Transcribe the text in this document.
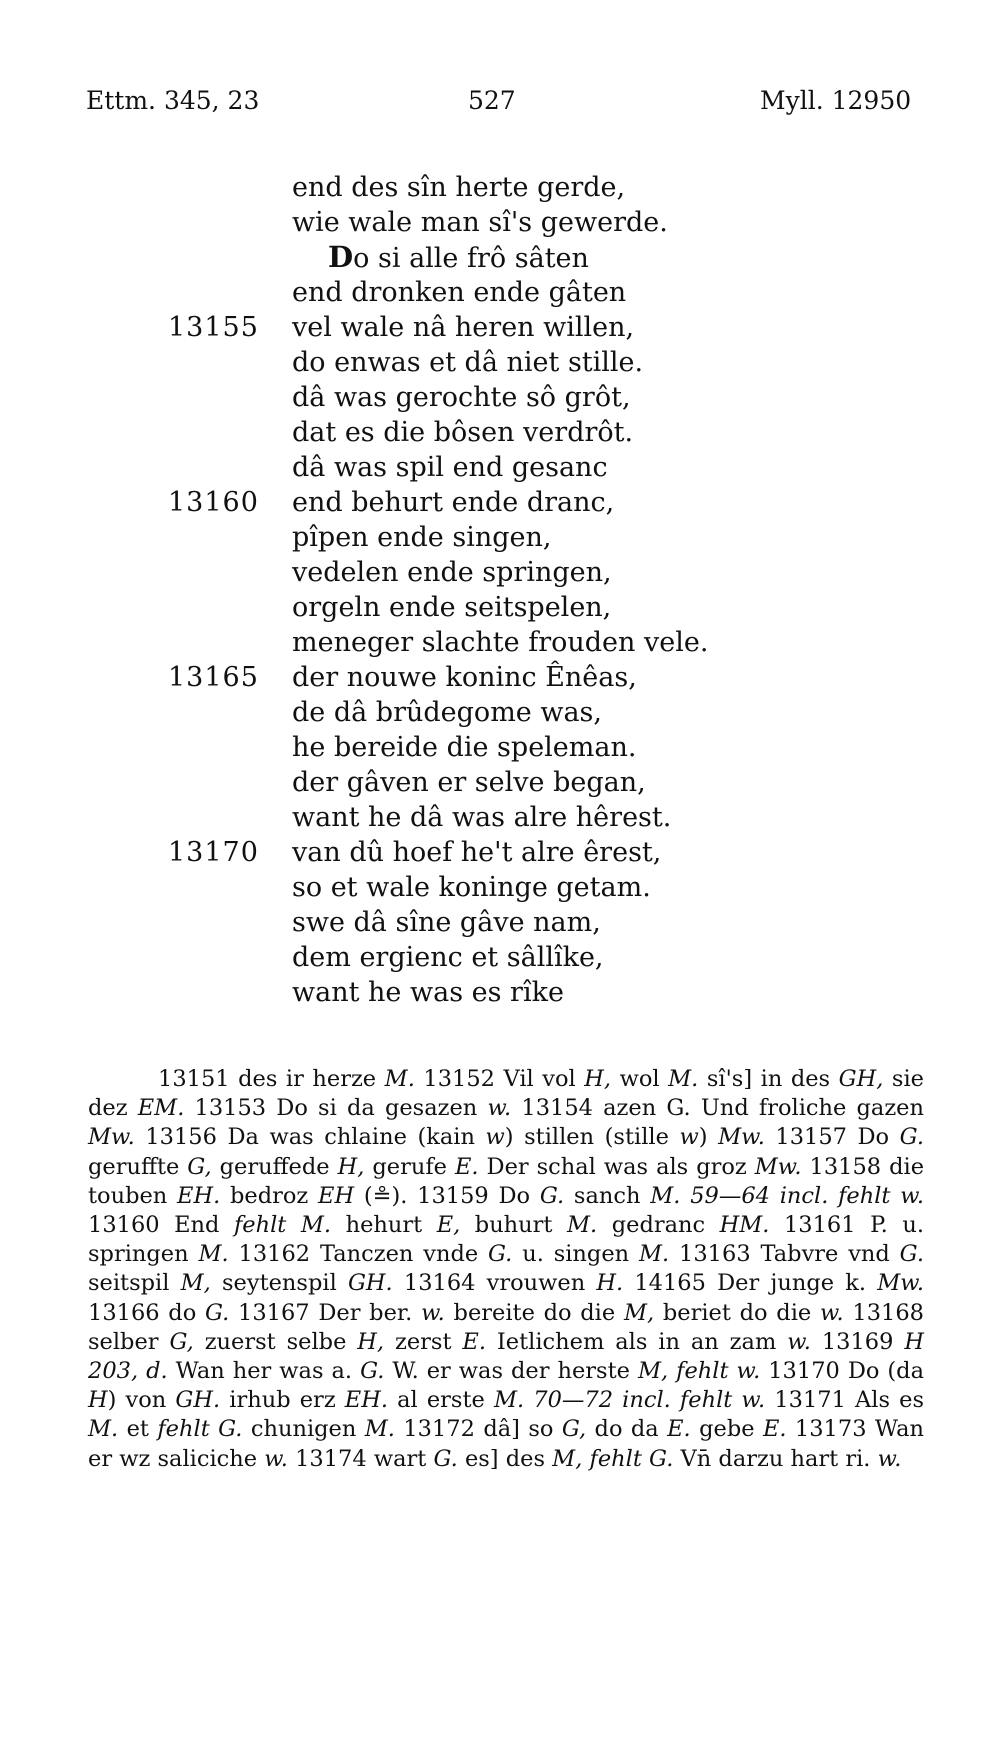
Ettm. 345, 23	527	Myll. 12950
end des sîn herte gerde,
wie wale man sî's gewerde.
Do si alle frô sâten
end dronken ende gâten
13155	vel wale nâ heren willen,
do enwas et dâ niet stille.
dâ was gerochte sô grôt,
dat es die bôsen verdrôt.
dâ was spil end gesanc
13160	end behurt ende dranc,
pîpen ende singen,
vedelen ende springen,
orgeln ende seitspelen,
meneger slachte frouden vele.
13165	der nouwe koninc Ênêas,
de dâ brûdegome was,
he bereide die speleman.
der gâven er selve began,
want he dâ was alre hêrest.
13170	van dû hoef he't alre êrest,
so et wale koninge getam.
swe dâ sîne gâve nam,
dem ergienc et sâllîke,
want he was es rîke

13151 des ir herze M. 13152 Vil vol H, wol M. sî's] in des GH, sie dez EM. 13153 Do si da gesazen w. 13154 azen G. Und froliche gazen Mw. 13156 Da was chlaine (kain w) stillen (stille w) Mw. 13157 Do G. geruffte G, geruffede H, gerufe E. Der schal was als groz Mw. 13158 die touben EH. bedroz EH (≗). 13159 Do G. sanch M. 59—64 incl. fehlt w. 13160 End fehlt M. hehurt E, buhurt M. gedranc HM. 13161 P. u. springen M. 13162 Tanczen vnde G. u. singen M. 13163 Tabvre vnd G. seitspil M, seytenspil GH. 13164 vrouwen H. 14165 Der junge k. Mw. 13166 do G. 13167 Der ber. w. bereite do die M, beriet do die w. 13168 selber G, zuerst selbe H, zerst E. Ietlichem als in an zam w. 13169 H 203, d. Wan her was a. G. W. er was der herste M, fehlt w. 13170 Do (da H) von GH. irhub erz EH. al erste M. 70—72 incl. fehlt w. 13171 Als es M. et fehlt G. chunigen M. 13172 dâ] so G, do da E. gebe E. 13173 Wan er wz saliciche w. 13174 wart G. es] des M, fehlt G. Vn̄ darzu hart ri. w.
